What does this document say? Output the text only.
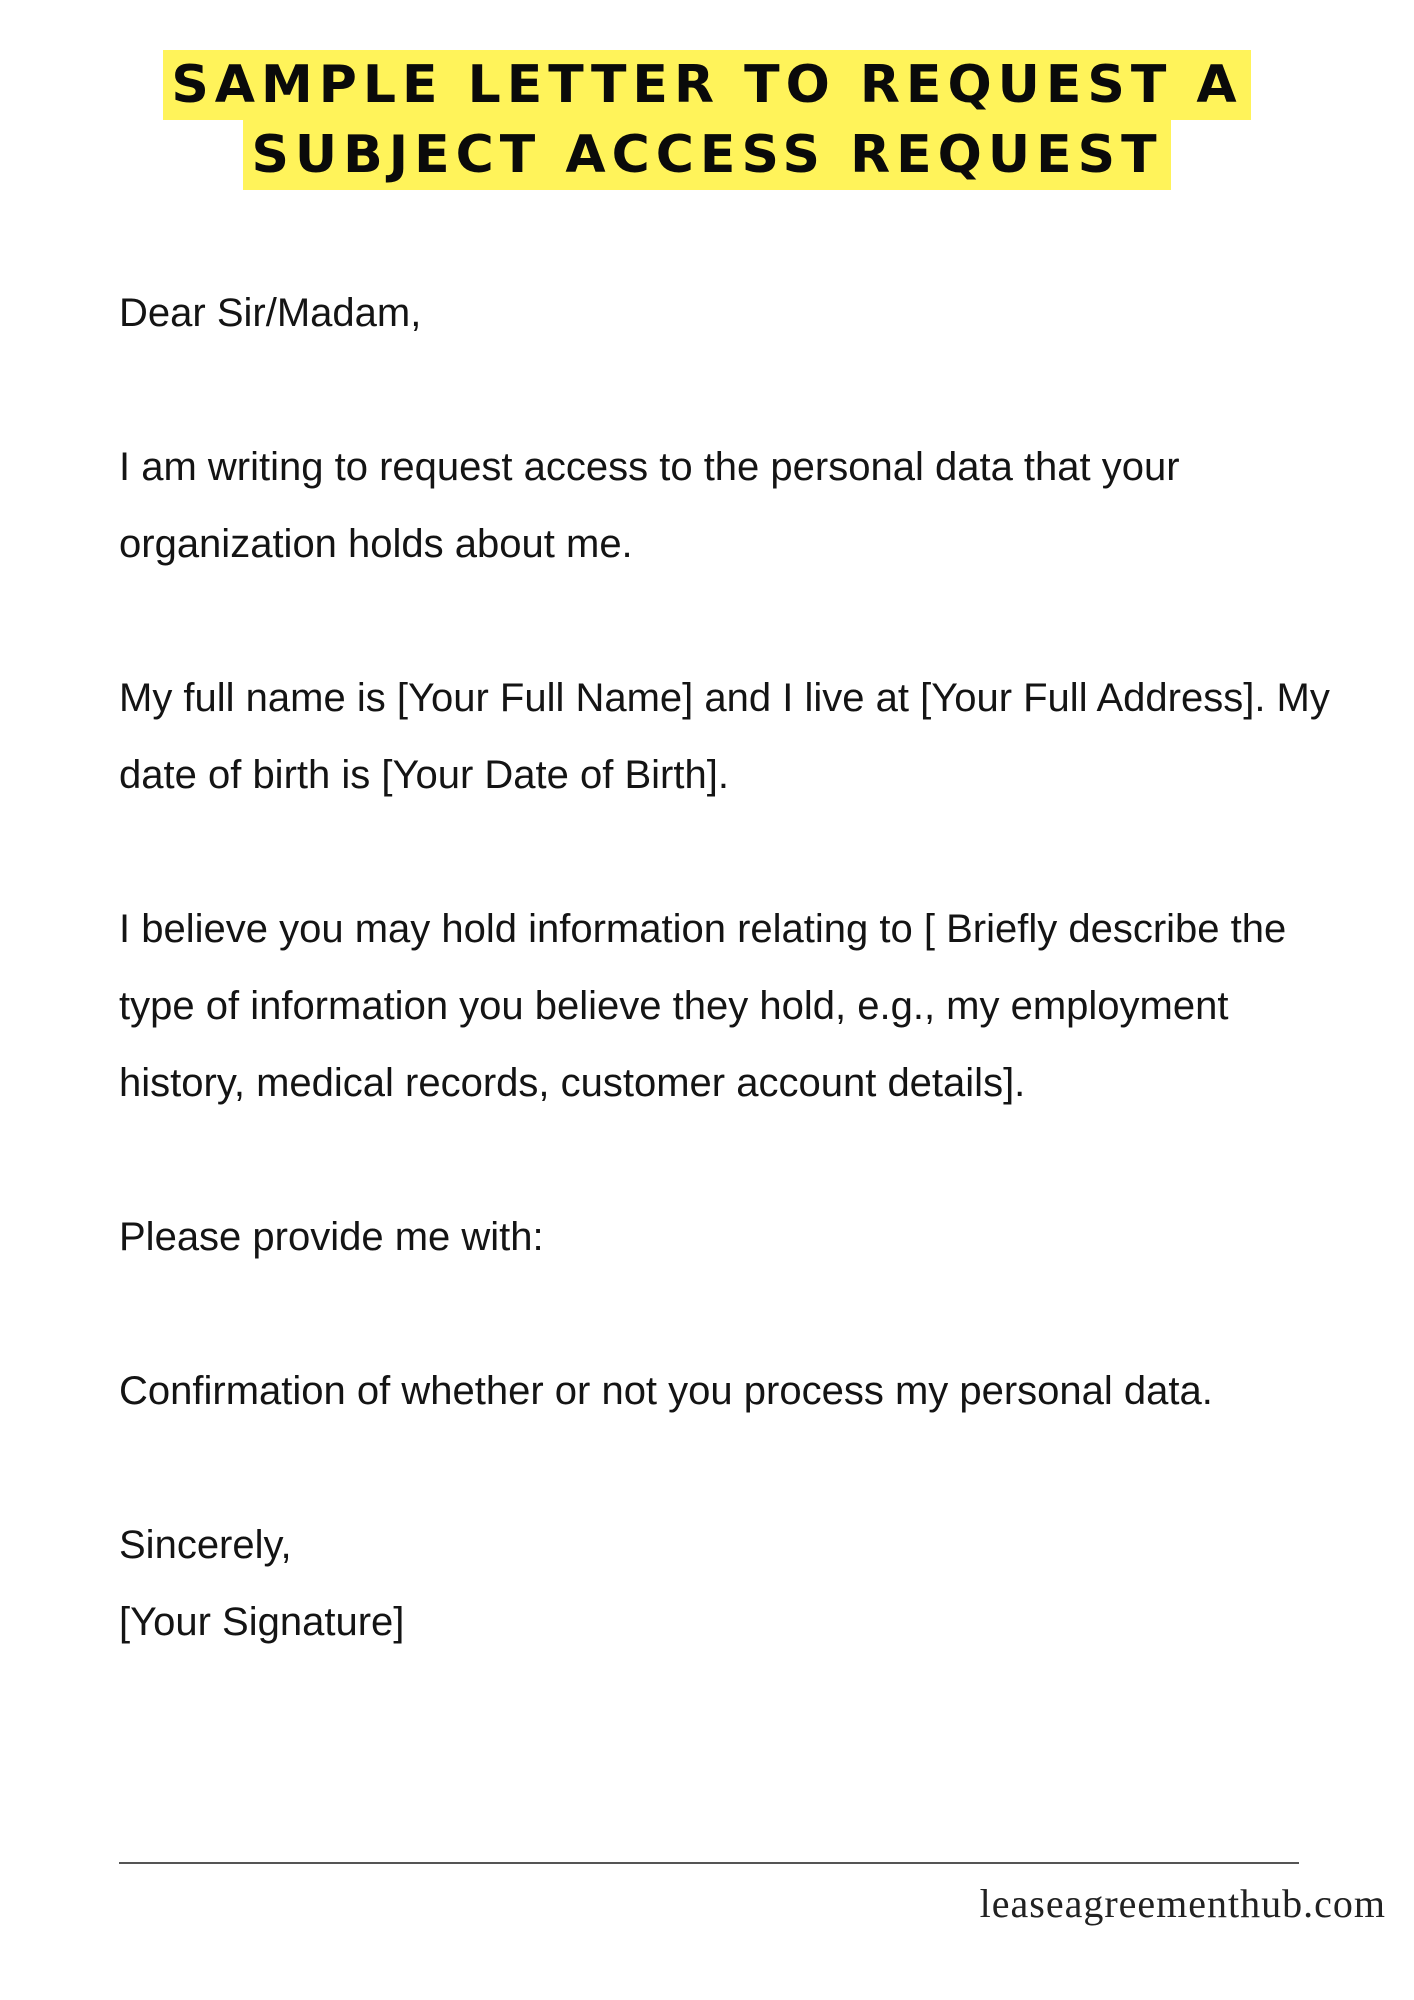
SAMPLE LETTER TO REQUEST A
SUBJECT ACCESS REQUEST

Dear Sir/Madam,

I am writing to request access to the personal data that your organization holds about me.

My full name is [Your Full Name] and I live at [Your Full Address]. My date of birth is [Your Date of Birth].

I believe you may hold information relating to [ Briefly describe the type of information you believe they hold, e.g., my employment history, medical records, customer account details].

Please provide me with:

Confirmation of whether or not you process my personal data.

Sincerely,

[Your Signature]

leaseagreementhub.com
